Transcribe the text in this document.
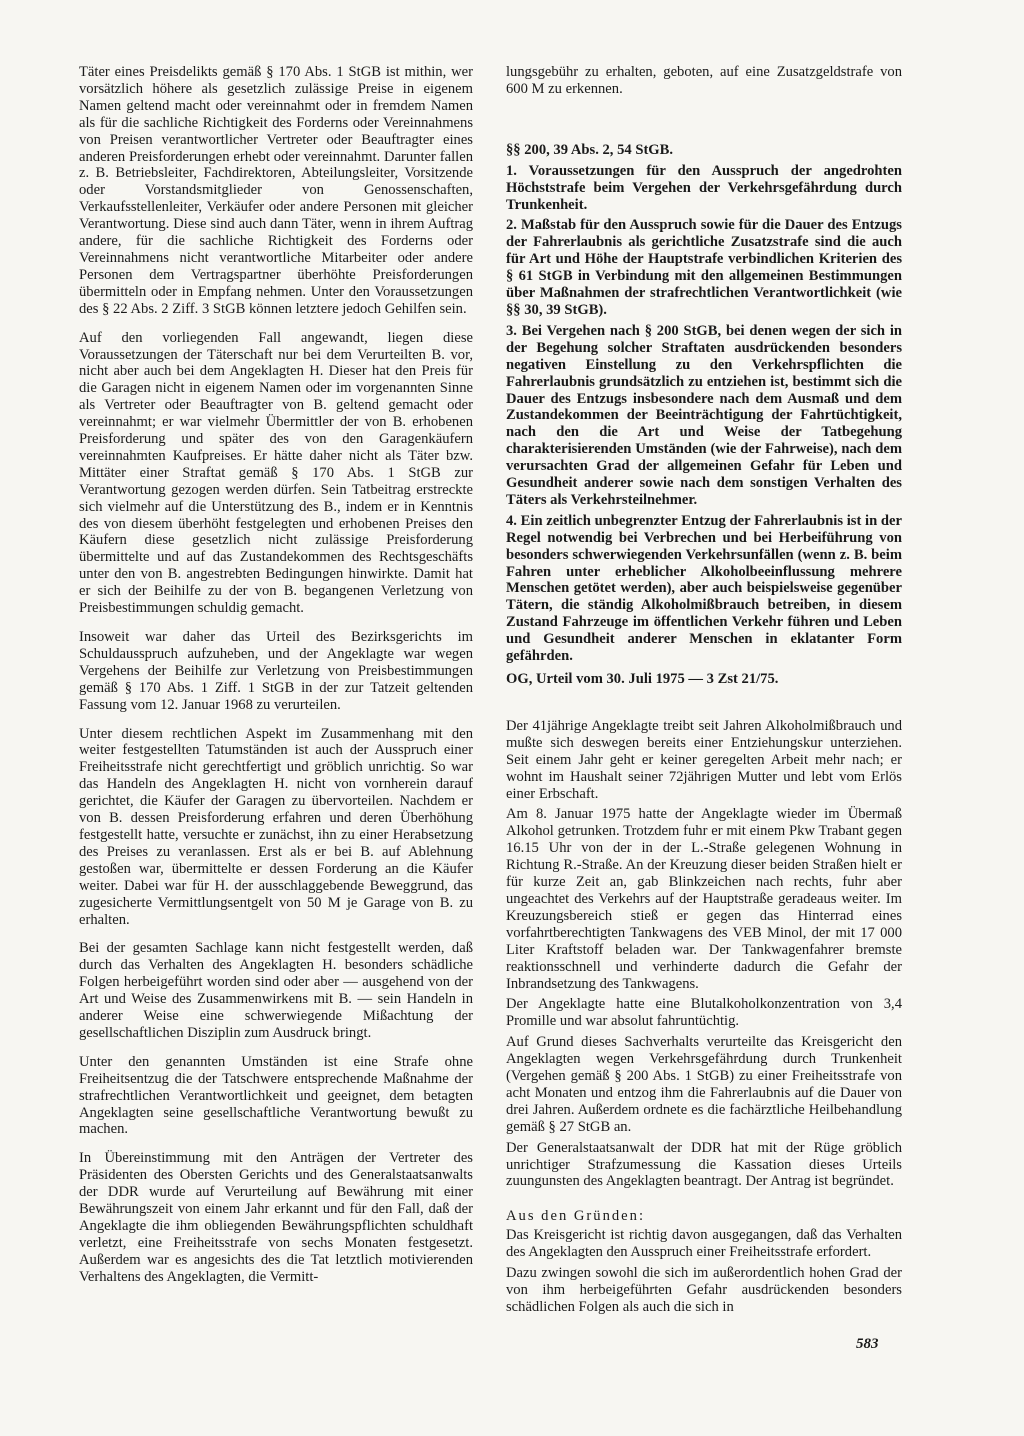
Täter eines Preisdelikts gemäß § 170 Abs. 1 StGB ist mithin, wer vorsätzlich höhere als gesetzlich zulässige Preise in eigenem Namen geltend macht oder vereinnahmt oder in fremdem Namen als für die sachliche Richtigkeit des Forderns oder Vereinnahmens von Preisen verantwortlicher Vertreter oder Beauftragter eines anderen Preisforderungen erhebt oder vereinnahmt. Darunter fallen z. B. Betriebsleiter, Fachdirektoren, Abteilungsleiter, Vorsitzende oder Vorstandsmitglieder von Genossenschaften, Verkaufsstellenleiter, Verkäufer oder andere Personen mit gleicher Verantwortung. Diese sind auch dann Täter, wenn in ihrem Auftrag andere, für die sachliche Richtigkeit des Forderns oder Vereinnahmens nicht verantwortliche Mitarbeiter oder andere Personen dem Vertragspartner überhöhte Preisforderungen übermitteln oder in Empfang nehmen. Unter den Voraussetzungen des § 22 Abs. 2 Ziff. 3 StGB können letztere jedoch Gehilfen sein.

Auf den vorliegenden Fall angewandt, liegen diese Voraussetzungen der Täterschaft nur bei dem Verurteilten B. vor, nicht aber auch bei dem Angeklagten H. Dieser hat den Preis für die Garagen nicht in eigenem Namen oder im vorgenannten Sinne als Vertreter oder Beauftragter von B. geltend gemacht oder vereinnahmt; er war vielmehr Übermittler der von B. erhobenen Preisforderung und später des von den Garagenkäufern vereinnahmten Kaufpreises. Er hätte daher nicht als Täter bzw. Mittäter einer Straftat gemäß § 170 Abs. 1 StGB zur Verantwortung gezogen werden dürfen. Sein Tatbeitrag erstreckte sich vielmehr auf die Unterstützung des B., indem er in Kenntnis des von diesem überhöht festgelegten und erhobenen Preises den Käufern diese gesetzlich nicht zulässige Preisforderung übermittelte und auf das Zustandekommen des Rechtsgeschäfts unter den von B. angestrebten Bedingungen hinwirkte. Damit hat er sich der Beihilfe zu der von B. begangenen Verletzung von Preisbestimmungen schuldig gemacht.

Insoweit war daher das Urteil des Bezirksgerichts im Schuldausspruch aufzuheben, und der Angeklagte war wegen Vergehens der Beihilfe zur Verletzung von Preisbestimmungen gemäß § 170 Abs. 1 Ziff. 1 StGB in der zur Tatzeit geltenden Fassung vom 12. Januar 1968 zu verurteilen.

Unter diesem rechtlichen Aspekt im Zusammenhang mit den weiter festgestellten Tatumständen ist auch der Ausspruch einer Freiheitsstrafe nicht gerechtfertigt und gröblich unrichtig. So war das Handeln des Angeklagten H. nicht von vornherein darauf gerichtet, die Käufer der Garagen zu übervorteilen. Nachdem er von B. dessen Preisforderung erfahren und deren Überhöhung festgestellt hatte, versuchte er zunächst, ihn zu einer Herabsetzung des Preises zu veranlassen. Erst als er bei B. auf Ablehnung gestoßen war, übermittelte er dessen Forderung an die Käufer weiter. Dabei war für H. der ausschlaggebende Beweggrund, das zugesicherte Vermittlungsentgelt von 50 M je Garage von B. zu erhalten.

Bei der gesamten Sachlage kann nicht festgestellt werden, daß durch das Verhalten des Angeklagten H. besonders schädliche Folgen herbeigeführt worden sind oder aber — ausgehend von der Art und Weise des Zusammenwirkens mit B. — sein Handeln in anderer Weise eine schwerwiegende Mißachtung der gesellschaftlichen Disziplin zum Ausdruck bringt.

Unter den genannten Umständen ist eine Strafe ohne Freiheitsentzug die der Tatschwere entsprechende Maßnahme der strafrechtlichen Verantwortlichkeit und geeignet, dem betagten Angeklagten seine gesellschaftliche Verantwortung bewußt zu machen.

In Übereinstimmung mit den Anträgen der Vertreter des Präsidenten des Obersten Gerichts und des Generalstaatsanwalts der DDR wurde auf Verurteilung auf Bewährung mit einer Bewährungszeit von einem Jahr erkannt und für den Fall, daß der Angeklagte die ihm obliegenden Bewährungspflichten schuldhaft verletzt, eine Freiheitsstrafe von sechs Monaten festgesetzt. Außerdem war es angesichts des die Tat letztlich motivierenden Verhaltens des Angeklagten, die Vermitt-

lungsgebühr zu erhalten, geboten, auf eine Zusatzgeldstrafe von 600 M zu erkennen.

§§ 200, 39 Abs. 2, 54 StGB.

1. Voraussetzungen für den Ausspruch der angedrohten Höchststrafe beim Vergehen der Verkehrsgefährdung durch Trunkenheit.

2. Maßstab für den Ausspruch sowie für die Dauer des Entzugs der Fahrerlaubnis als gerichtliche Zusatzstrafe sind die auch für Art und Höhe der Hauptstrafe verbindlichen Kriterien des § 61 StGB in Verbindung mit den allgemeinen Bestimmungen über Maßnahmen der strafrechtlichen Verantwortlichkeit (wie §§ 30, 39 StGB).

3. Bei Vergehen nach § 200 StGB, bei denen wegen der sich in der Begehung solcher Straftaten ausdrückenden besonders negativen Einstellung zu den Verkehrspflichten die Fahrerlaubnis grundsätzlich zu entziehen ist, bestimmt sich die Dauer des Entzugs insbesondere nach dem Ausmaß und dem Zustandekommen der Beeinträchtigung der Fahrtüchtigkeit, nach den die Art und Weise der Tatbegehung charakterisierenden Umständen (wie der Fahrweise), nach dem verursachten Grad der allgemeinen Gefahr für Leben und Gesundheit anderer sowie nach dem sonstigen Verhalten des Täters als Verkehrsteilnehmer.

4. Ein zeitlich unbegrenzter Entzug der Fahrerlaubnis ist in der Regel notwendig bei Verbrechen und bei Herbeiführung von besonders schwerwiegenden Verkehrsunfällen (wenn z. B. beim Fahren unter erheblicher Alkoholbeeinflussung mehrere Menschen getötet werden), aber auch beispielsweise gegenüber Tätern, die ständig Alkoholmißbrauch betreiben, in diesem Zustand Fahrzeuge im öffentlichen Verkehr führen und Leben und Gesundheit anderer Menschen in eklatanter Form gefährden.

OG, Urteil vom 30. Juli 1975 — 3 Zst 21/75.

Der 41jährige Angeklagte treibt seit Jahren Alkoholmißbrauch und mußte sich deswegen bereits einer Entziehungskur unterziehen. Seit einem Jahr geht er keiner geregelten Arbeit mehr nach; er wohnt im Haushalt seiner 72jährigen Mutter und lebt vom Erlös einer Erbschaft.

Am 8. Januar 1975 hatte der Angeklagte wieder im Übermaß Alkohol getrunken. Trotzdem fuhr er mit einem Pkw Trabant gegen 16.15 Uhr von der in der L.-Straße gelegenen Wohnung in Richtung R.-Straße. An der Kreuzung dieser beiden Straßen hielt er für kurze Zeit an, gab Blinkzeichen nach rechts, fuhr aber ungeachtet des Verkehrs auf der Hauptstraße geradeaus weiter. Im Kreuzungsbereich stieß er gegen das Hinterrad eines vorfahrtberechtigten Tankwagens des VEB Minol, der mit 17 000 Liter Kraftstoff beladen war. Der Tankwagenfahrer bremste reaktionsschnell und verhinderte dadurch die Gefahr der Inbrandsetzung des Tankwagens.

Der Angeklagte hatte eine Blutalkoholkonzentration von 3,4 Promille und war absolut fahruntüchtig.

Auf Grund dieses Sachverhalts verurteilte das Kreisgericht den Angeklagten wegen Verkehrsgefährdung durch Trunkenheit (Vergehen gemäß § 200 Abs. 1 StGB) zu einer Freiheitsstrafe von acht Monaten und entzog ihm die Fahrerlaubnis auf die Dauer von drei Jahren. Außerdem ordnete es die fachärztliche Heilbehandlung gemäß § 27 StGB an.

Der Generalstaatsanwalt der DDR hat mit der Rüge gröblich unrichtiger Strafzumessung die Kassation dieses Urteils zuungunsten des Angeklagten beantragt. Der Antrag ist begründet.

Aus den Gründen:

Das Kreisgericht ist richtig davon ausgegangen, daß das Verhalten des Angeklagten den Ausspruch einer Freiheitsstrafe erfordert.

Dazu zwingen sowohl die sich im außerordentlich hohen Grad der von ihm herbeigeführten Gefahr ausdrückenden besonders schädlichen Folgen als auch die sich in

583
